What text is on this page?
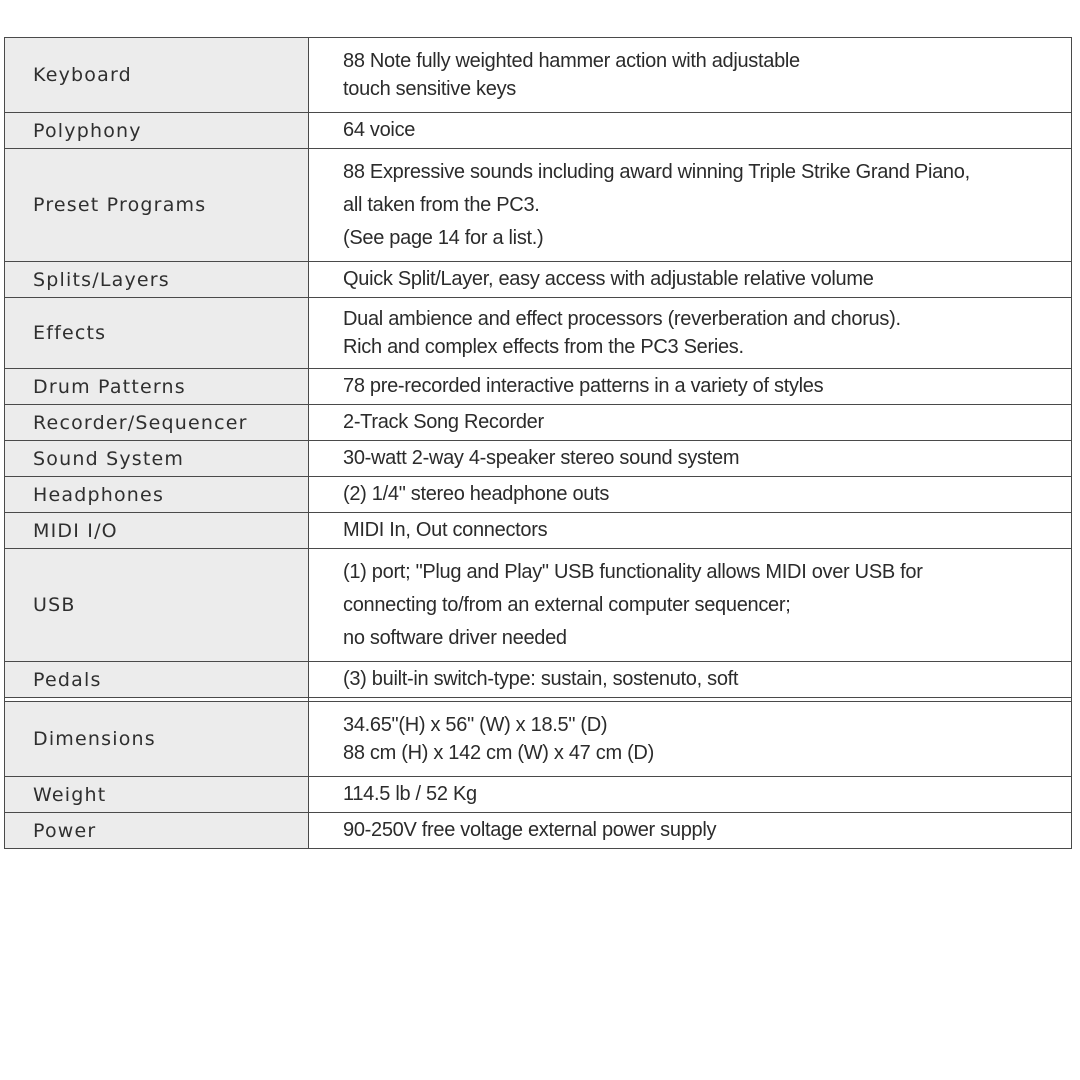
Keyboard	88 Note fully weighted hammer action with adjustable
touch sensitive keys

Polyphony	64 voice

Preset Programs	88 Expressive sounds including award winning Triple Strike Grand Piano,
all taken from the PC3.
(See page 14 for a list.)

Splits/Layers	Quick Split/Layer, easy access with adjustable relative volume

Effects	Dual ambience and effect processors (reverberation and chorus).
Rich and complex effects from the PC3 Series.

Drum Patterns	78 pre-recorded interactive patterns in a variety of styles

Recorder/Sequencer	2-Track Song Recorder

Sound System	30-watt 2-way 4-speaker stereo sound system

Headphones	(2) 1/4" stereo headphone outs

MIDI I/O	MIDI In, Out connectors

USB	(1) port; "Plug and Play" USB functionality allows MIDI over USB for
connecting to/from an external computer sequencer;
no software driver needed

Pedals	(3) built-in switch-type: sustain, sostenuto, soft

Dimensions	34.65"(H) x 56" (W) x 18.5" (D)
88 cm (H) x 142 cm (W) x 47 cm (D)

Weight	114.5 lb / 52 Kg

Power	90-250V free voltage external power supply
